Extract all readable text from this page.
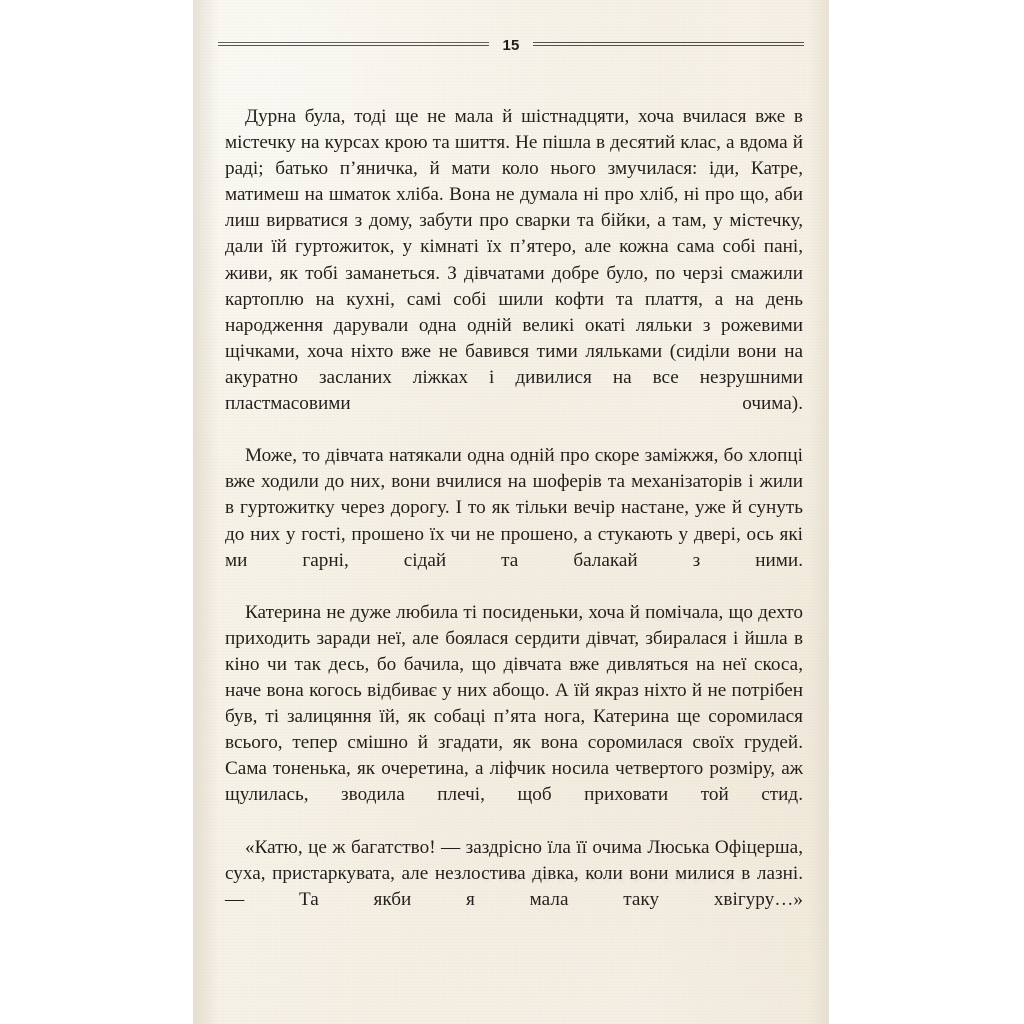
15

Дурна була, тоді ще не мала й шістнадцяти, хоча вчилася вже в містечку на курсах крою та шиття. Не пішла в десятий клас, а вдома й раді; батько п’яничка, й мати коло нього змучилася: іди, Катре, матимеш на шматок хліба. Вона не думала ні про хліб, ні про що, аби лиш вирватися з дому, забути про сварки та бійки, а там, у містечку, дали їй гуртожиток, у кімнаті їх п’ятеро, але кожна сама собі пані, живи, як тобі заманеться. З дівчатами добре було, по черзі смажили картоплю на кухні, самі собі шили кофти та плаття, а на день народження дарували одна одній великі окаті ляльки з рожевими щічками, хоча ніхто вже не бавився тими ляльками (сиділи вони на акуратно засланих ліжках і дивилися на все незрушними пластмасовими очима).

Може, то дівчата натякали одна одній про скоре заміжжя, бо хлопці вже ходили до них, вони вчилися на шоферів та механізаторів і жили в гуртожитку через дорогу. І то як тільки вечір настане, уже й сунуть до них у гості, прошено їх чи не прошено, а стукають у двері, ось які ми гарні, сідай та балакай з ними.

Катерина не дуже любила ті посиденьки, хоча й помічала, що дехто приходить заради неї, але боялася сердити дівчат, збиралася і йшла в кіно чи так десь, бо бачила, що дівчата вже дивляться на неї скоса, наче вона когось відбиває у них абощо. А їй якраз ніхто й не потрібен був, ті залицяння їй, як собаці п’ята нога, Катерина ще соромилася всього, тепер смішно й згадати, як вона соромилася своїх грудей. Сама тоненька, як очеретина, а ліфчик носила четвертого розміру, аж щулилась, зводила плечі, щоб приховати той стид.

«Катю, це ж багатство! — заздрісно їла її очима Люська Офіцерша, суха, пристаркувата, але незлостива дівка, коли вони милися в лазні. — Та якби я мала таку хвігуру…»
